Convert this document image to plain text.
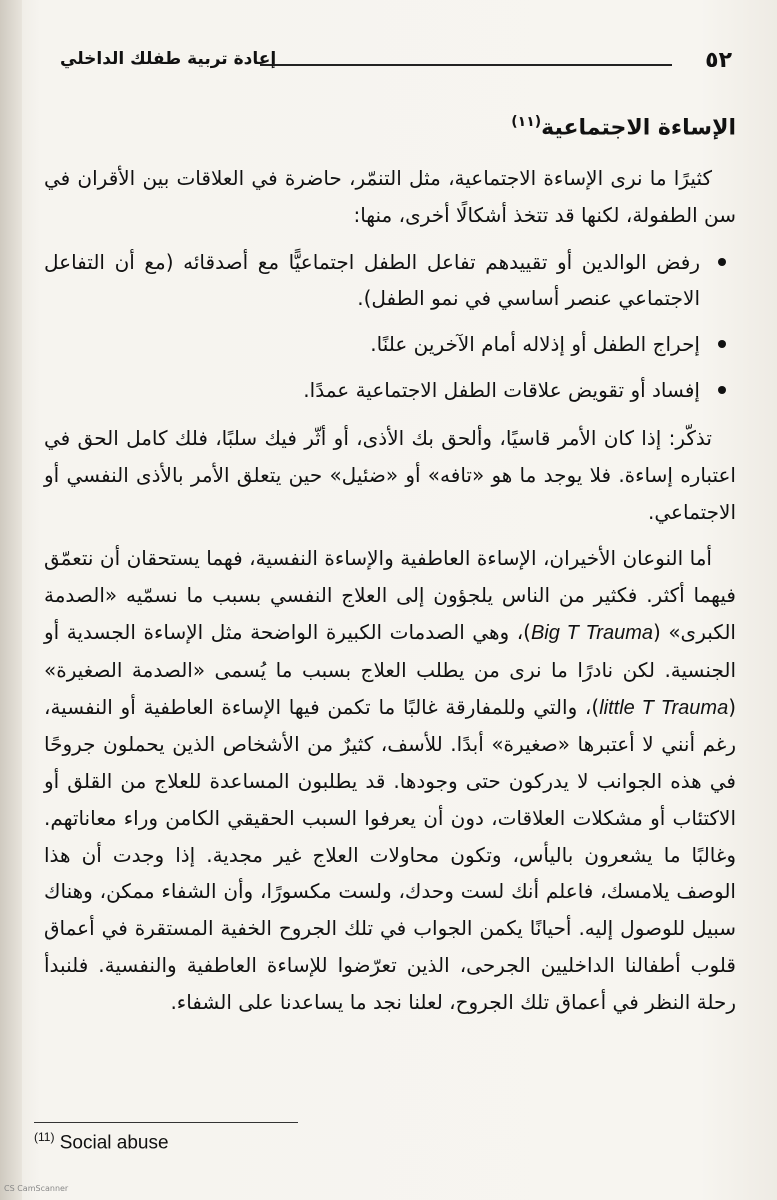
٥٢
إعادة تربية طفلك الداخلي
الإساءة الاجتماعية$^{(١١)}$

كثيرًا ما نرى الإساءة الاجتماعية، مثل التنمّر، حاضرة في العلاقات بين الأقران في سن الطفولة، لكنها قد تتخذ أشكالًا أخرى، منها:

رفض الوالدين أو تقييدهم تفاعل الطفل اجتماعيًّا مع أصدقائه (مع أن التفاعل الاجتماعي عنصر أساسي في نمو الطفل).
إحراج الطفل أو إذلاله أمام الآخرين علنًا.
إفساد أو تقويض علاقات الطفل الاجتماعية عمدًا.

تذكّر: إذا كان الأمر قاسيًا، وألحق بك الأذى، أو أثّر فيك سلبًا، فلك كامل الحق في اعتباره إساءة. فلا يوجد ما هو «تافه» أو «ضئيل» حين يتعلق الأمر بالأذى النفسي أو الاجتماعي.

أما النوعان الأخيران، الإساءة العاطفية والإساءة النفسية، فهما يستحقان أن نتعمّق فيهما أكثر. فكثير من الناس يلجؤون إلى العلاج النفسي بسبب ما نسمّيه «الصدمة الكبرى» (Big T Trauma)، وهي الصدمات الكبيرة الواضحة مثل الإساءة الجسدية أو الجنسية. لكن نادرًا ما نرى من يطلب العلاج بسبب ما يُسمى «الصدمة الصغيرة» (little T Trauma)، والتي وللمفارقة غالبًا ما تكمن فيها الإساءة العاطفية أو النفسية، رغم أنني لا أعتبرها «صغيرة» أبدًا. للأسف، كثيرٌ من الأشخاص الذين يحملون جروحًا في هذه الجوانب لا يدركون حتى وجودها. قد يطلبون المساعدة للعلاج من القلق أو الاكتئاب أو مشكلات العلاقات، دون أن يعرفوا السبب الحقيقي الكامن وراء معاناتهم. وغالبًا ما يشعرون باليأس، وتكون محاولات العلاج غير مجدية. إذا وجدت أن هذا الوصف يلامسك، فاعلم أنك لست وحدك، ولست مكسورًا، وأن الشفاء ممكن، وهناك سبيل للوصول إليه. أحيانًا يكمن الجواب في تلك الجروح الخفية المستقرة في أعماق قلوب أطفالنا الداخليين الجرحى، الذين تعرّضوا للإساءة العاطفية والنفسية. فلنبدأ رحلة النظر في أعماق تلك الجروح، لعلنا نجد ما يساعدنا على الشفاء.

$^{(11)}$ Social abuse
CS CamScanner
